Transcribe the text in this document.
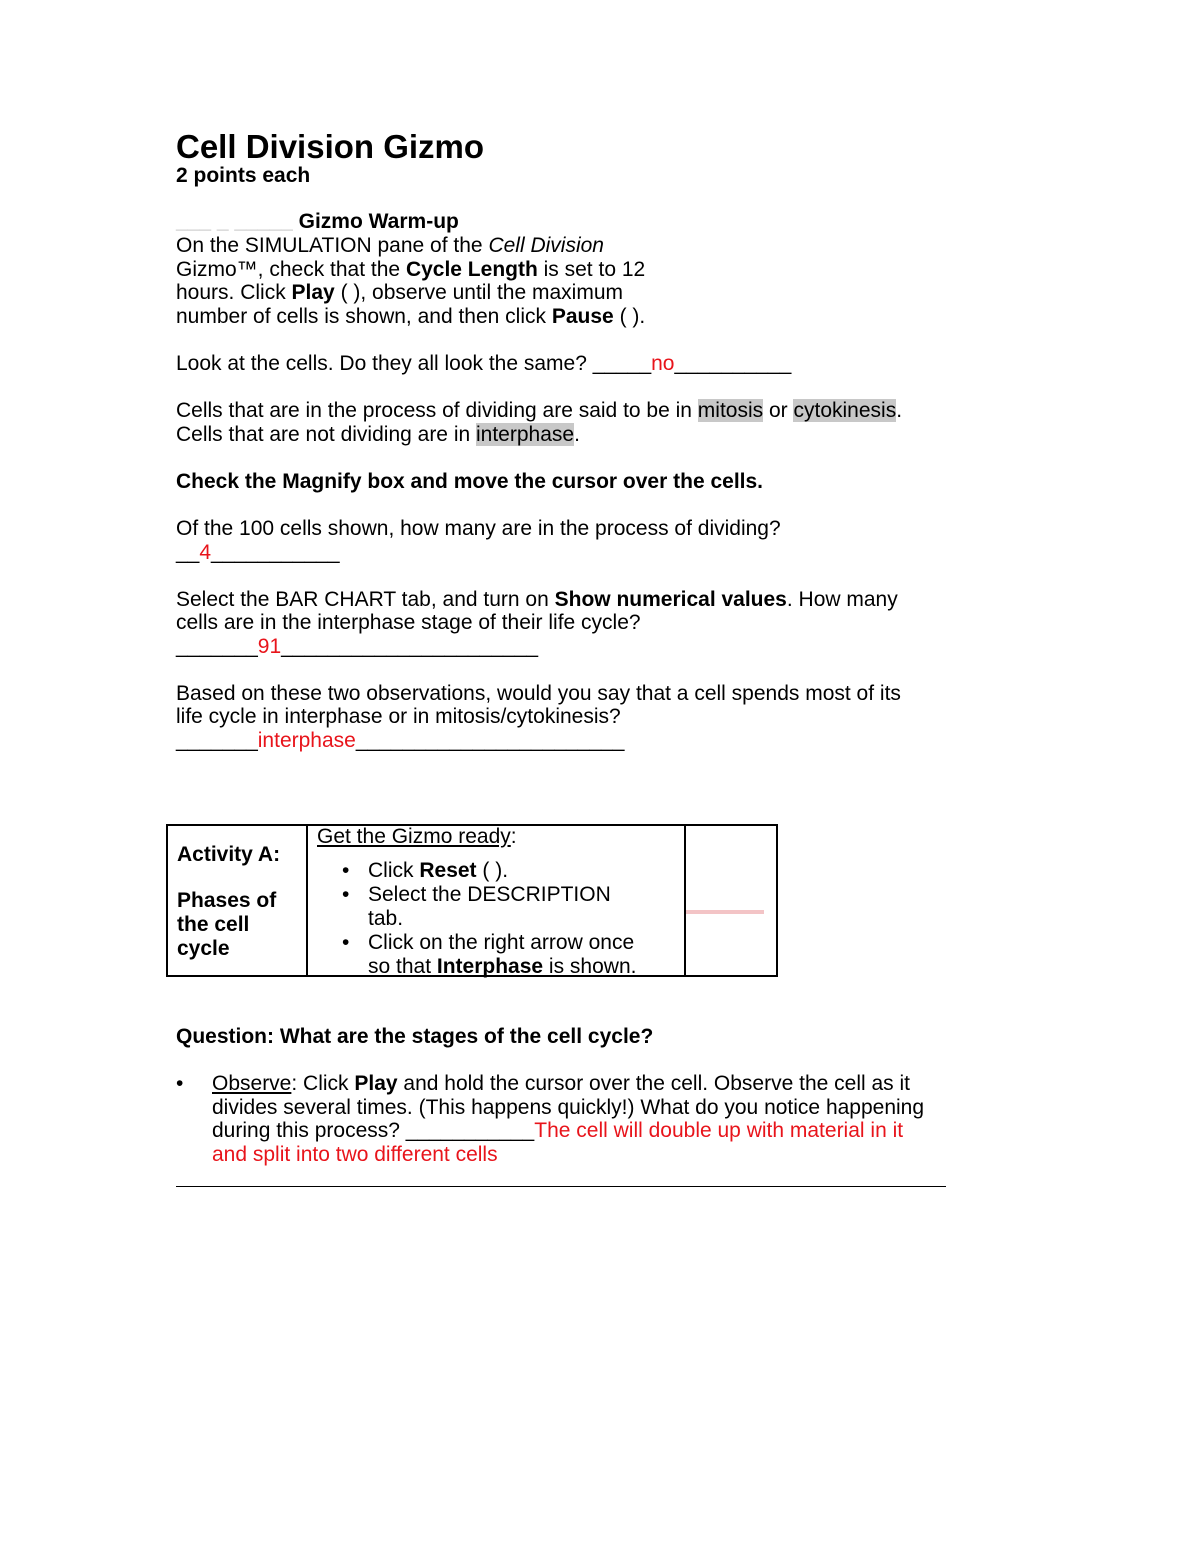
Cell Division Gizmo
2 points each
___ _ _____ Gizmo Warm-up
On the SIMULATION pane of the Cell Division
Gizmo™, check that the Cycle Length is set to 12
hours. Click Play ( ), observe until the maximum
number of cells is shown, and then click Pause ( ).
Look at the cells. Do they all look the same? _____no__________
Cells that are in the process of dividing are said to be in mitosis or cytokinesis.
Cells that are not dividing are in interphase.
Check the Magnify box and move the cursor over the cells.
Of the 100 cells shown, how many are in the process of dividing?
__4___________
Select the BAR CHART tab, and turn on Show numerical values. How many
cells are in the interphase stage of their life cycle?
_______91______________________
Based on these two observations, would you say that a cell spends most of its
life cycle in interphase or in mitosis/cytokinesis?
_______interphase_______________________
Activity A:
Phases of
the cell
cycle
Get the Gizmo ready:
• Click Reset ( ).
• Select the DESCRIPTION
tab.
• Click on the right arrow once
so that Interphase is shown.
Question: What are the stages of the cell cycle?
• Observe: Click Play and hold the cursor over the cell. Observe the cell as it
divides several times. (This happens quickly!) What do you notice happening
during this process? ___________The cell will double up with material in it
and split into two different cells
